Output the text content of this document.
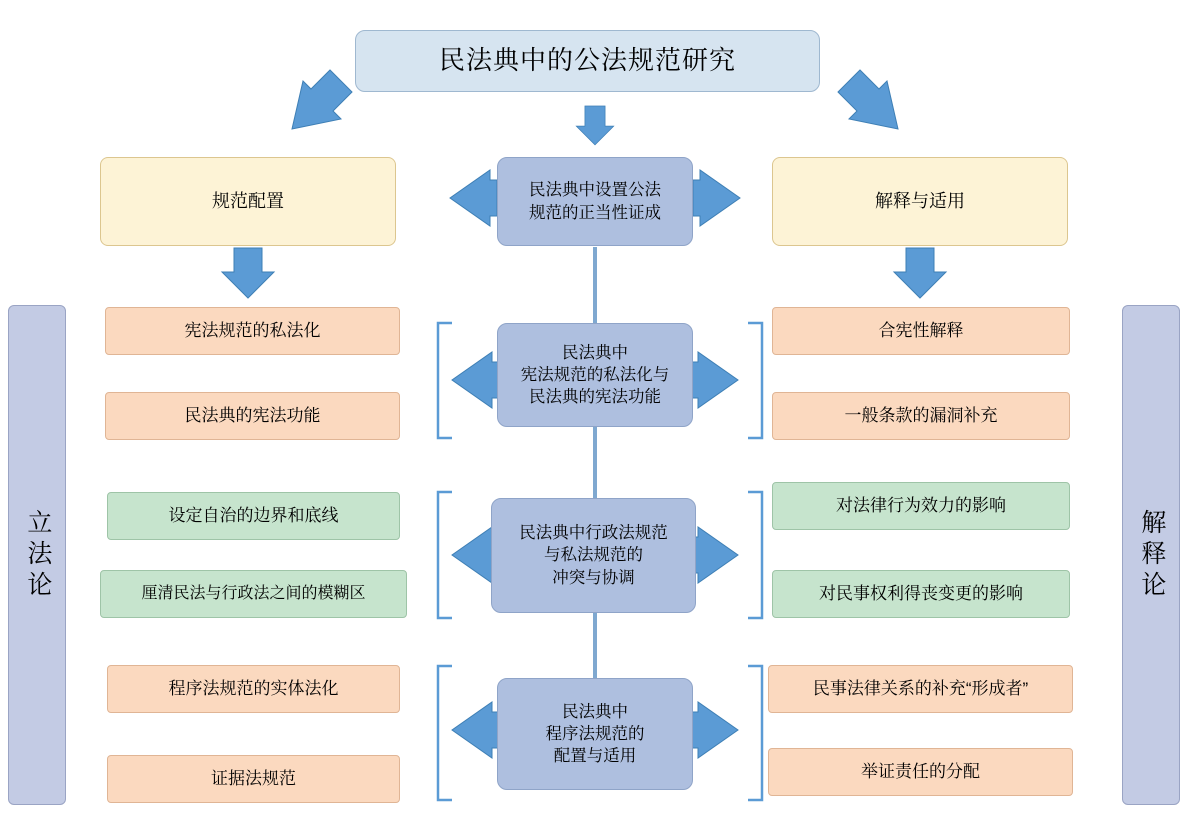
民法典中的公法规范研究
立法论	解释论
规范配置
民法典中设置公法
规范的正当性证成
解释与适用
宪法规范的私法化
民法典的宪法功能
民法典中
宪法规范的私法化与
民法典的宪法功能
合宪性解释
一般条款的漏洞补充
设定自治的边界和底线
厘清民法与行政法之间的模糊区
民法典中行政法规范
与私法规范的
冲突与协调
对法律行为效力的影响
对民事权利得丧变更的影响
程序法规范的实体法化
证据法规范
民法典中
程序法规范的
配置与适用
民事法律关系的补充“形成者”
举证责任的分配
